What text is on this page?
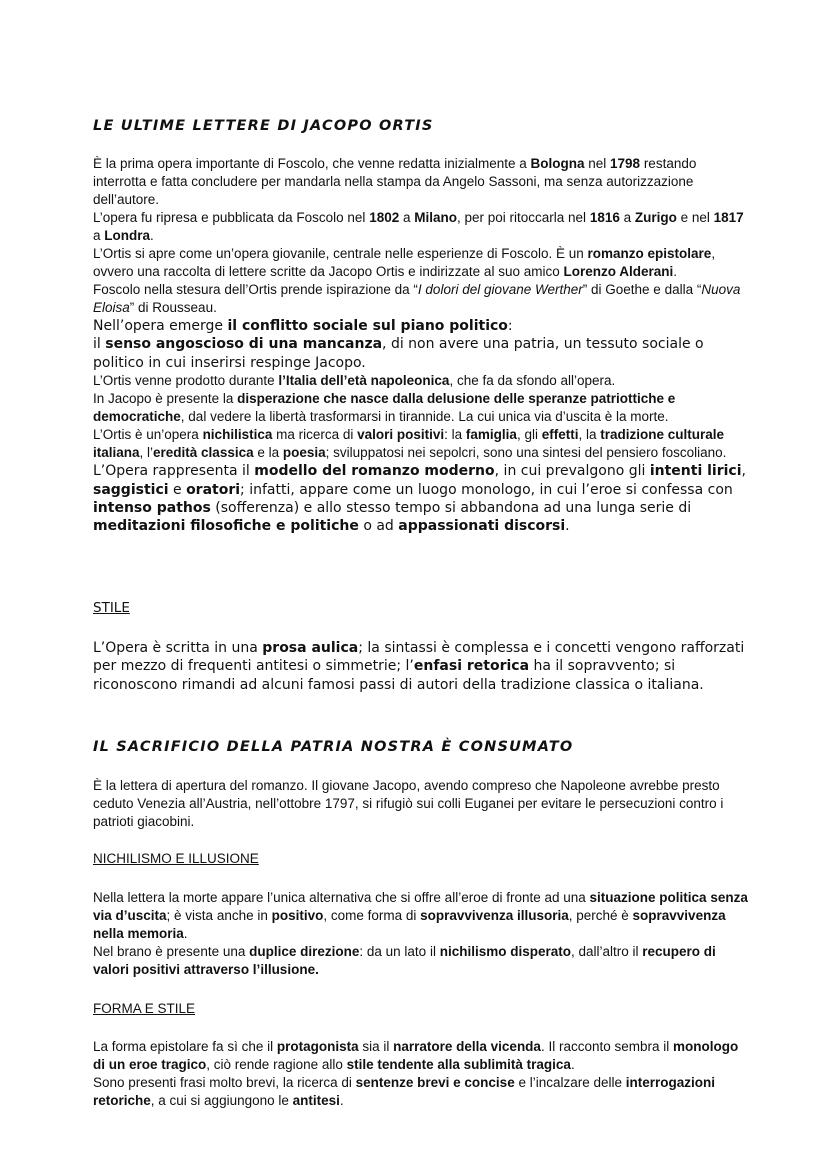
LE ULTIME LETTERE DI JACOPO ORTIS

È la prima opera importante di Foscolo, che venne redatta inizialmente a Bologna nel 1798 restando interrotta e fatta concludere per mandarla nella stampa da Angelo Sassoni, ma senza autorizzazione dell’autore.

L’opera fu ripresa e pubblicata da Foscolo nel 1802 a Milano, per poi ritoccarla nel 1816 a Zurigo e nel 1817 a Londra.

L’Ortis si apre come un’opera giovanile, centrale nelle esperienze di Foscolo. È un romanzo epistolare, ovvero una raccolta di lettere scritte da Jacopo Ortis e indirizzate al suo amico Lorenzo Alderani.

Foscolo nella stesura dell’Ortis prende ispirazione da “I dolori del giovane Werther” di Goethe e dalla “Nuova Eloisa” di Rousseau.

Nell’opera emerge il conflitto sociale sul piano politico:

il senso angoscioso di una mancanza, di non avere una patria, un tessuto sociale o politico in cui inserirsi respinge Jacopo.

L’Ortis venne prodotto durante l’Italia dell’età napoleonica, che fa da sfondo all’opera.

In Jacopo è presente la disperazione che nasce dalla delusione delle speranze patriottiche e democratiche, dal vedere la libertà trasformarsi in tirannide. La cui unica via d’uscita è la morte.

L’Ortis è un’opera nichilistica ma ricerca di valori positivi: la famiglia, gli effetti, la tradizione culturale italiana, l’eredità classica e la poesia; sviluppatosi nei sepolcri, sono una sintesi del pensiero foscoliano.

L’Opera rappresenta il modello del romanzo moderno, in cui prevalgono gli intenti lirici, saggistici e oratori; infatti, appare come un luogo monologo, in cui l’eroe si confessa con intenso pathos (sofferenza) e allo stesso tempo si abbandona ad una lunga serie di meditazioni filosofiche e politiche o ad appassionati discorsi.

STILE

L’Opera è scritta in una prosa aulica; la sintassi è complessa e i concetti vengono rafforzati per mezzo di frequenti antitesi o simmetrie; l’enfasi retorica ha il sopravvento; si riconoscono rimandi ad alcuni famosi passi di autori della tradizione classica o italiana.

IL SACRIFICIO DELLA PATRIA NOSTRA È CONSUMATO

È la lettera di apertura del romanzo. Il giovane Jacopo, avendo compreso che Napoleone avrebbe presto ceduto Venezia all’Austria, nell’ottobre 1797, si rifugiò sui colli Euganei per evitare le persecuzioni contro i patrioti giacobini.

NICHILISMO E ILLUSIONE

Nella lettera la morte appare l’unica alternativa che si offre all’eroe di fronte ad una situazione politica senza via d’uscita; è vista anche in positivo, come forma di sopravvivenza illusoria, perché è sopravvivenza nella memoria.

Nel brano è presente una duplice direzione: da un lato il nichilismo disperato, dall’altro il recupero di valori positivi attraverso l’illusione.

FORMA E STILE

La forma epistolare fa sì che il protagonista sia il narratore della vicenda. Il racconto sembra il monologo di un eroe tragico, ciò rende ragione allo stile tendente alla sublimità tragica.

Sono presenti frasi molto brevi, la ricerca di sentenze brevi e concise e l’incalzare delle interrogazioni retoriche, a cui si aggiungono le antitesi.
